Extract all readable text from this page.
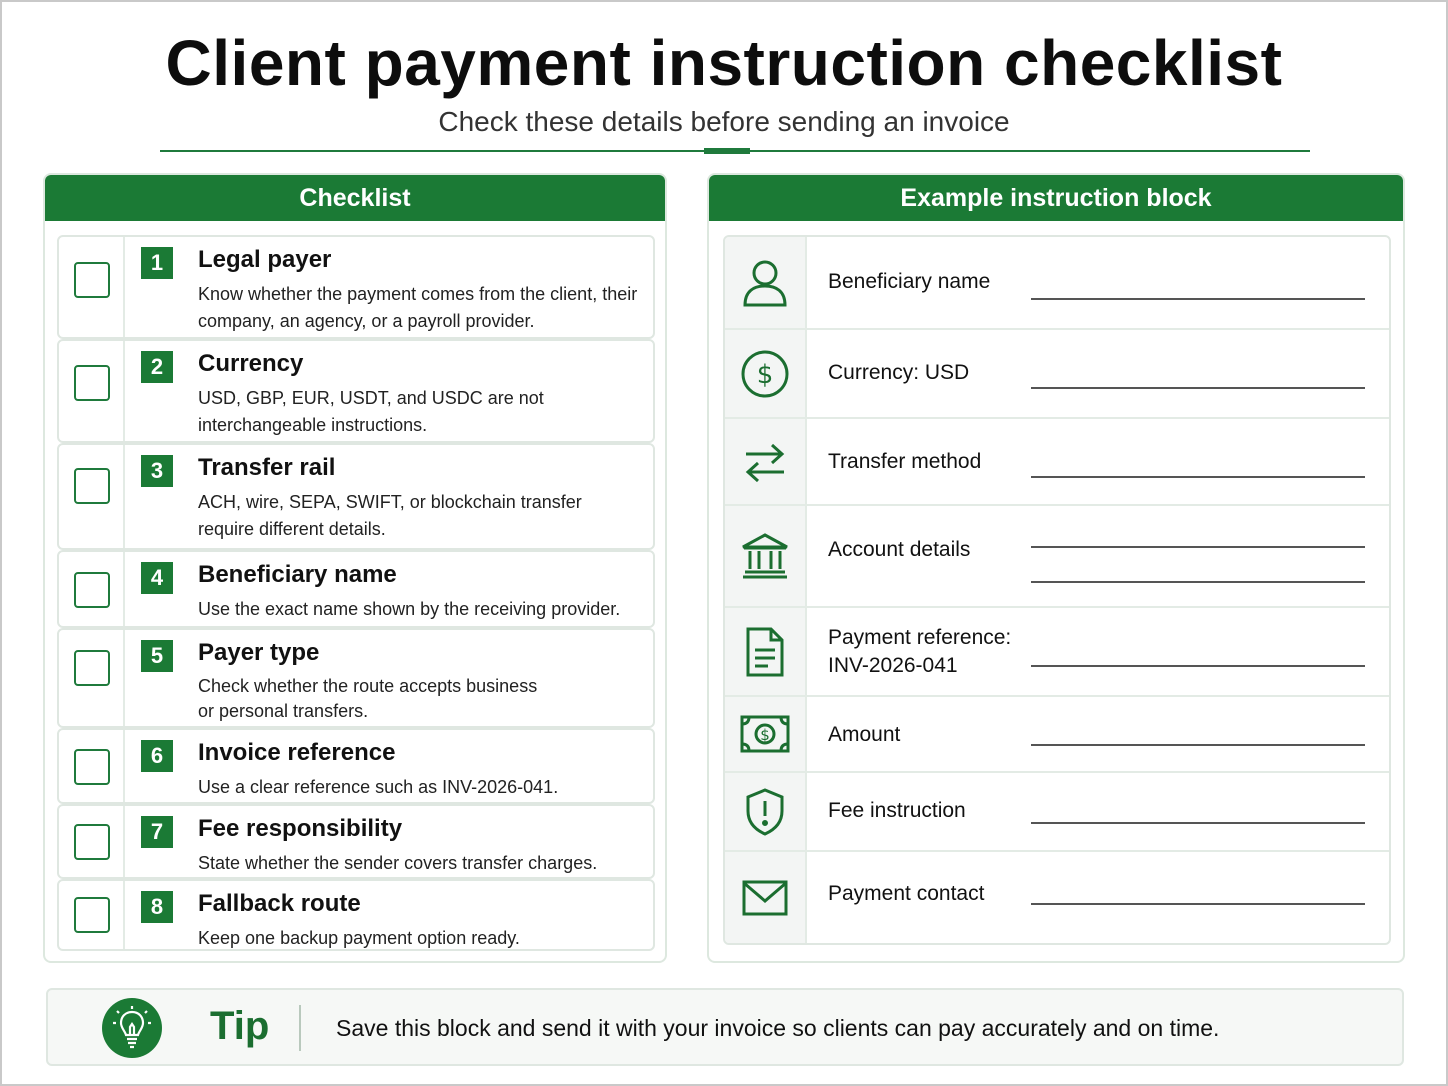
Client payment instruction checklist
Check these details before sending an invoice
Checklist
1	Legal payer
Know whether the payment comes from the client, their company, an agency, or a payroll provider.
2	Currency
USD, GBP, EUR, USDT, and USDC are not interchangeable instructions.
3	Transfer rail
ACH, wire, SEPA, SWIFT, or blockchain transfer require different details.
4	Beneficiary name
Use the exact name shown by the receiving provider.
5	Payer type
Check whether the route accepts business or personal transfers.
6	Invoice reference
Use a clear reference such as INV-2026-041.
7	Fee responsibility
State whether the sender covers transfer charges.
8	Fallback route
Keep one backup payment option ready.
Example instruction block
Beneficiary name
$	Currency: USD
Transfer method
Account details
Payment reference:
INV-2026-041
$	Amount
Fee instruction
Payment contact
Tip	Save this block and send it with your invoice so clients can pay accurately and on time.
